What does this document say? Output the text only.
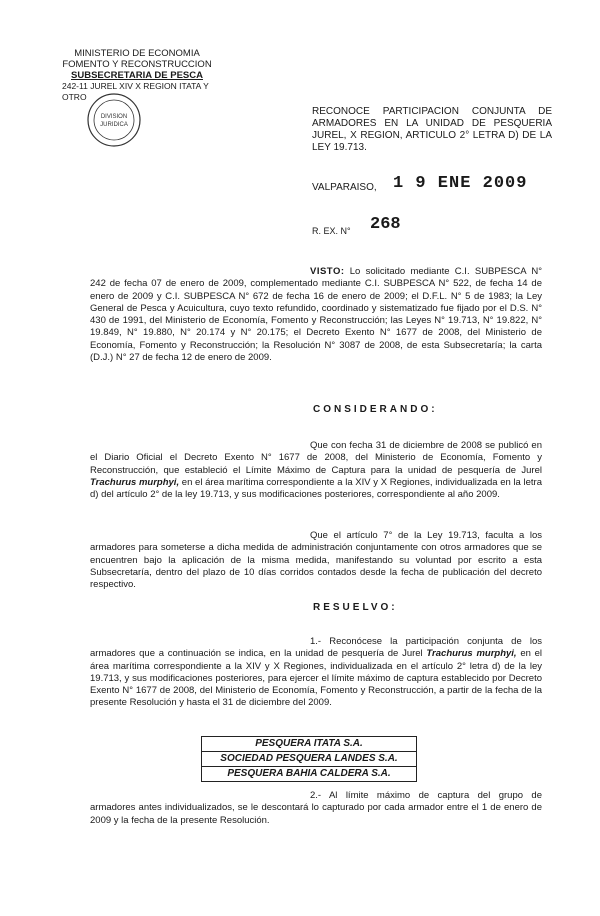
MINISTERIO DE ECONOMIA
FOMENTO Y RECONSTRUCCION
SUBSECRETARIA DE PESCA
242-11 JUREL XIV X REGION ITATA Y OTRO
DIVISION
JURIDICA
RECONOCE PARTICIPACION CONJUNTA DE ARMADORES EN LA UNIDAD DE PESQUERIA JUREL, X REGION, ARTICULO 2° LETRA D) DE LA LEY 19.713.
VALPARAISO, 1 9 ENE 2009
R. EX. N° 268
VISTO: Lo solicitado mediante C.I. SUBPESCA N° 242 de fecha 07 de enero de 2009, complementado mediante C.I. SUBPESCA N° 522, de fecha 14 de enero de 2009 y C.I. SUBPESCA N° 672 de fecha 16 de enero de 2009; el D.F.L. N° 5 de 1983; la Ley General de Pesca y Acuicultura, cuyo texto refundido, coordinado y sistematizado fue fijado por el D.S. N° 430 de 1991, del Ministerio de Economía, Fomento y Reconstrucción; las Leyes N° 19.713, N° 19.822, N° 19.849, N° 19.880, N° 20.174 y N° 20.175; el Decreto Exento N° 1677 de 2008, del Ministerio de Economía, Fomento y Reconstrucción; la Resolución N° 3087 de 2008, de esta Subsecretaría; la carta (D.J.) N° 27 de fecha 12 de enero de 2009.
CONSIDERANDO:
Que con fecha 31 de diciembre de 2008 se publicó en el Diario Oficial el Decreto Exento N° 1677 de 2008, del Ministerio de Economía, Fomento y Reconstrucción, que estableció el Límite Máximo de Captura para la unidad de pesquería de Jurel Trachurus murphyi, en el área marítima correspondiente a la XIV y X Regiones, individualizada en la letra d) del artículo 2° de la ley 19.713, y sus modificaciones posteriores, correspondiente al año 2009.
Que el artículo 7° de la Ley 19.713, faculta a los armadores para someterse a dicha medida de administración conjuntamente con otros armadores que se encuentren bajo la aplicación de la misma medida, manifestando su voluntad por escrito a esta Subsecretaría, dentro del plazo de 10 días corridos contados desde la fecha de publicación del decreto respectivo.
RESUELVO:
1.- Reconócese la participación conjunta de los armadores que a continuación se indica, en la unidad de pesquería de Jurel Trachurus murphyi, en el área marítima correspondiente a la XIV y X Regiones, individualizada en el artículo 2° letra d) de la ley 19.713, y sus modificaciones posteriores, para ejercer el límite máximo de captura establecido por Decreto Exento N° 1677 de 2008, del Ministerio de Economía, Fomento y Reconstrucción, a partir de la fecha de la presente Resolución y hasta el 31 de diciembre del 2009.
PESQUERA ITATA S.A.
SOCIEDAD PESQUERA LANDES S.A.
PESQUERA BAHIA CALDERA S.A.
2.- Al límite máximo de captura del grupo de armadores antes individualizados, se le descontará lo capturado por cada armador entre el 1 de enero de 2009 y la fecha de la presente Resolución.
